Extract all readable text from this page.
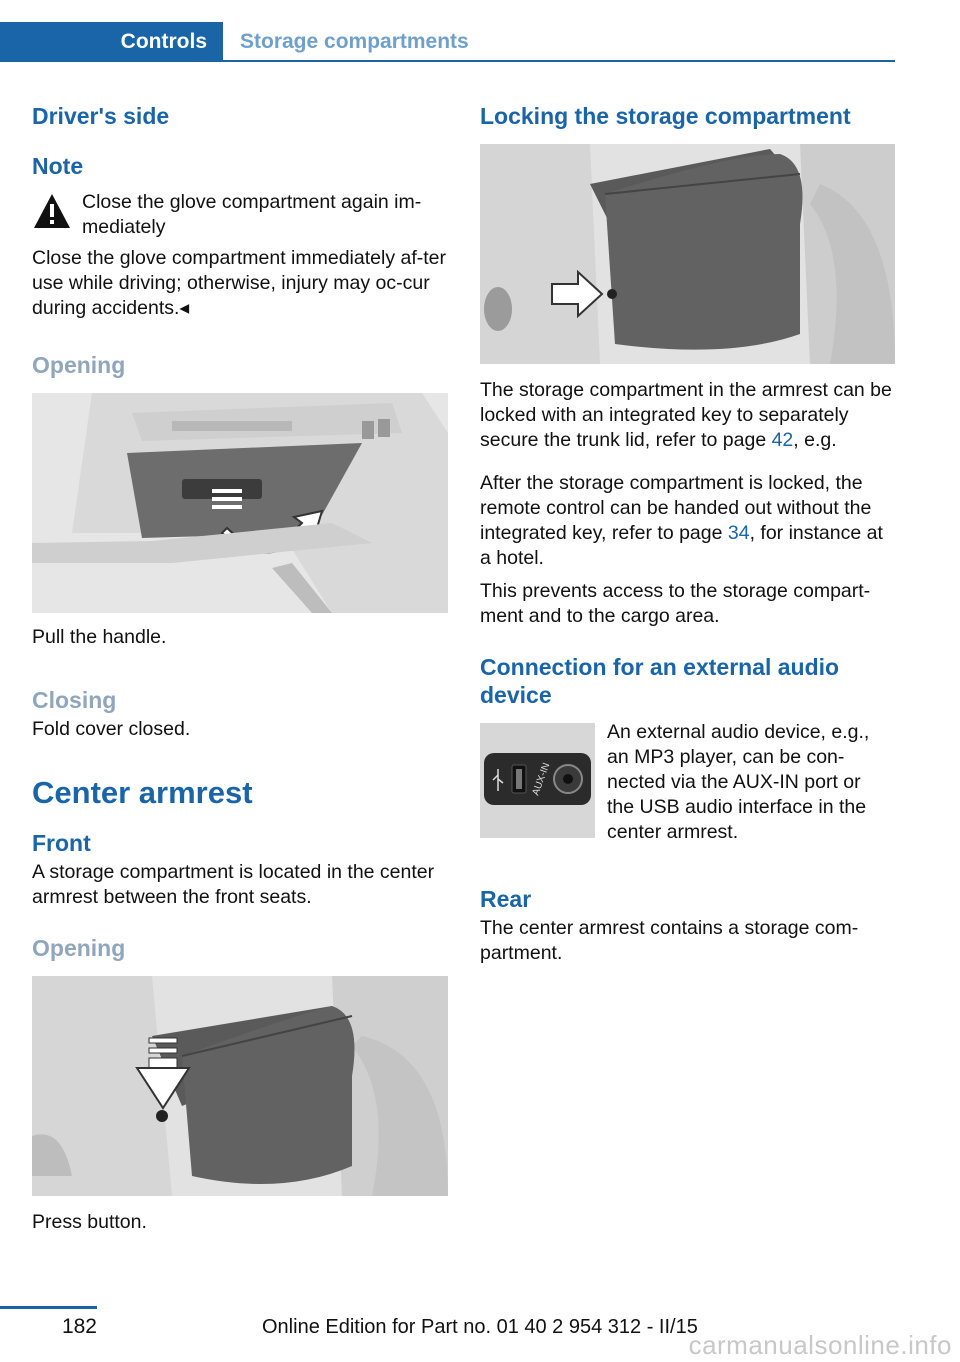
Controls	Storage compartments
Driver's side
Note
Close the glove compartment again im-mediately

Close the glove compartment immediately af-ter use while driving; otherwise, injury may oc-cur during accidents.◂

Opening

Pull the handle.

Closing

Fold cover closed.

Center armrest
Front

A storage compartment is located in the center armrest between the front seats.

Opening

Press button.

Locking the storage compartment

The storage compartment in the armrest can be locked with an integrated key to separately secure the trunk lid, refer to page 42, e.g.

After the storage compartment is locked, the remote control can be handed out without the integrated key, refer to page 34, for instance at a hotel.

This prevents access to the storage compart-ment and to the cargo area.

Connection for an external audio device
AUX-IN

An external audio device, e.g., an MP3 player, can be con-nected via the AUX-IN port or the USB audio interface in the center armrest.

Rear

The center armrest contains a storage com-partment.

182	Online Edition for Part no. 01 40 2 954 312 - II/15
carmanualsonline.info
